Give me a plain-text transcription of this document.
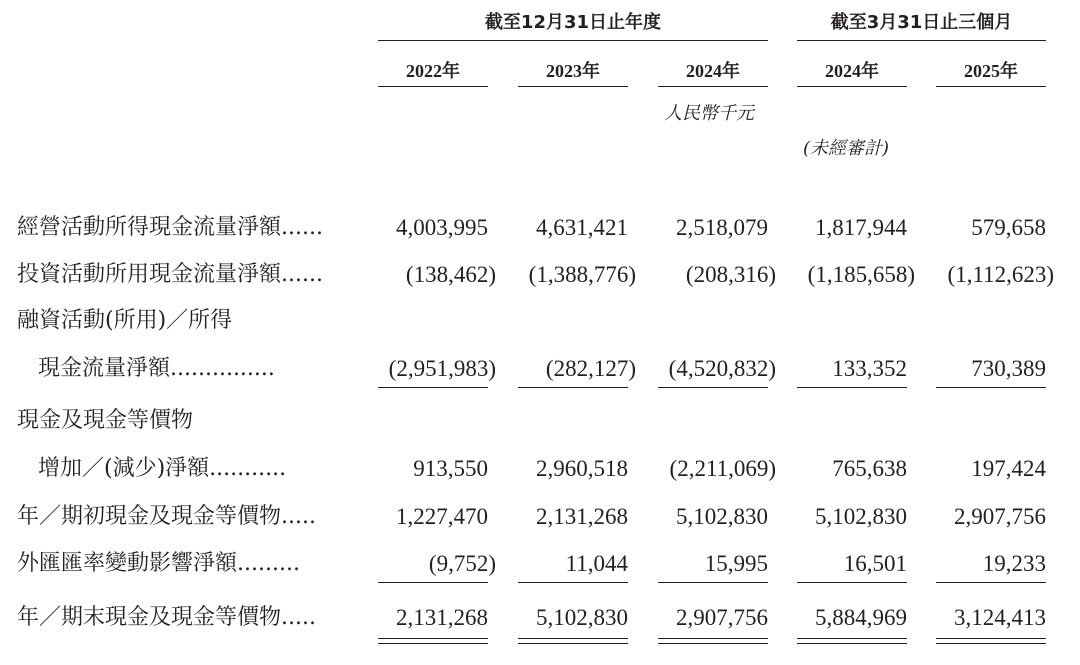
截至12月31日止年度	截至3月31日止三個月
2022年	2023年	2024年	2024年	2025年
人民幣千元
(未經審計)
經營活動所得現金流量淨額......	4,003,995	4,631,421	2,518,079	1,817,944	579,658
投資活動所用現金流量淨額......	(138,462)	(1,388,776)	(208,316)	(1,185,658)	(1,112,623)
融資活動(所用)／所得
現金流量淨額...............	(2,951,983)	(282,127)	(4,520,832)	133,352	730,389
現金及現金等價物
增加／(減少)淨額...........	913,550	2,960,518	(2,211,069)	765,638	197,424
年／期初現金及現金等價物.....	1,227,470	2,131,268	5,102,830	5,102,830	2,907,756
外匯匯率變動影響淨額.........	(9,752)	11,044	15,995	16,501	19,233
年／期末現金及現金等價物.....	2,131,268	5,102,830	2,907,756	5,884,969	3,124,413
